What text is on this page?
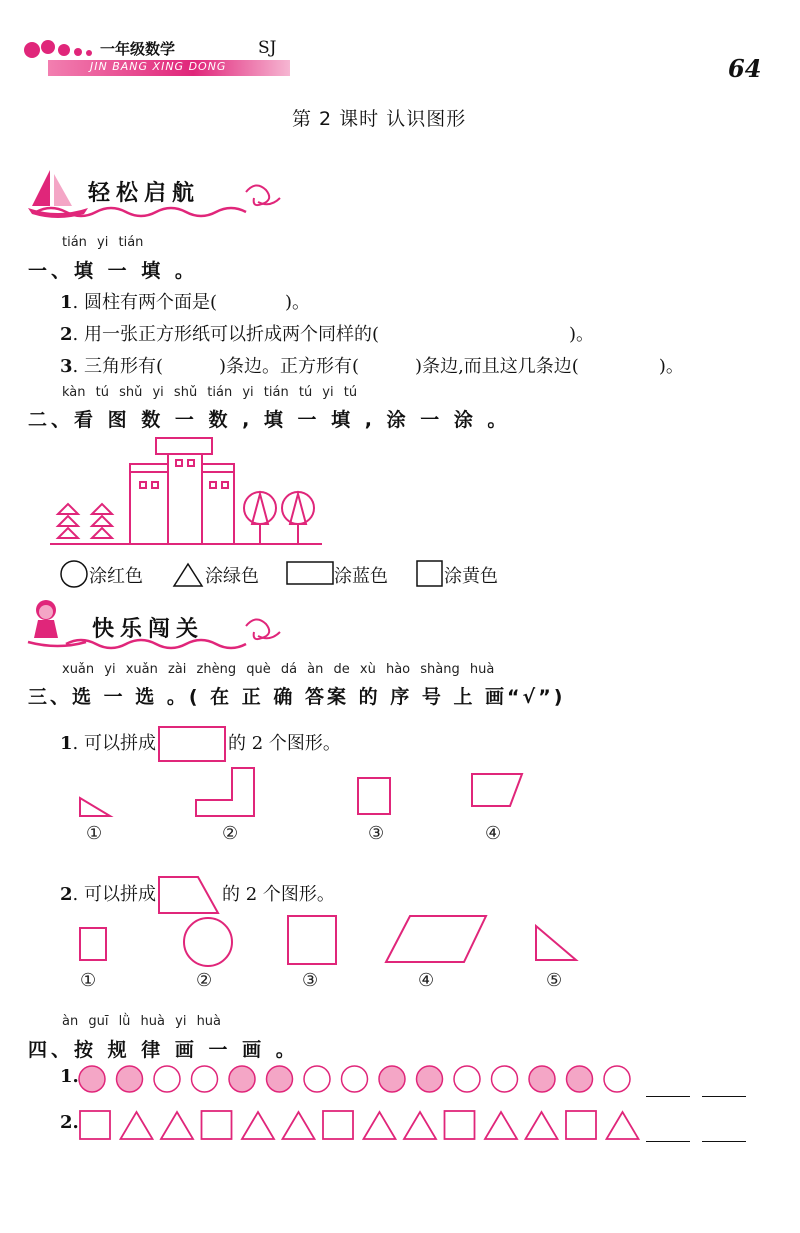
一年级数学	SJ
JIN BANG XING DONG	64
第 2 课时 认识图形
轻松启航
tián yi tián
一、填 一 填 。
1. 圆柱有两个面是(	)。
2. 用一张正方形纸可以折成两个同样的(	)。
3. 三角形有(	)条边。正方形有(	)条边,而且这几条边(	)。
kàn tú shǔ yi shǔ tián yi tián tú yi tú
二、看 图 数 一 数 , 填 一 填 , 涂 一 涂 。
涂红色	涂绿色	涂蓝色	涂黄色
快乐闯关
xuǎn yi xuǎn zài zhèng què dá àn de xù hào shàng huà
三、选 一 选 。( 在 正 确 答案 的 序 号 上 画“√”)
1. 可以拼成	的 2 个图形。
①	②	③	④
2. 可以拼成	的 2 个图形。
①	②	③	④	⑤
àn guī lǜ huà yi huà
四、按 规 律 画 一 画 。
1.
2.
